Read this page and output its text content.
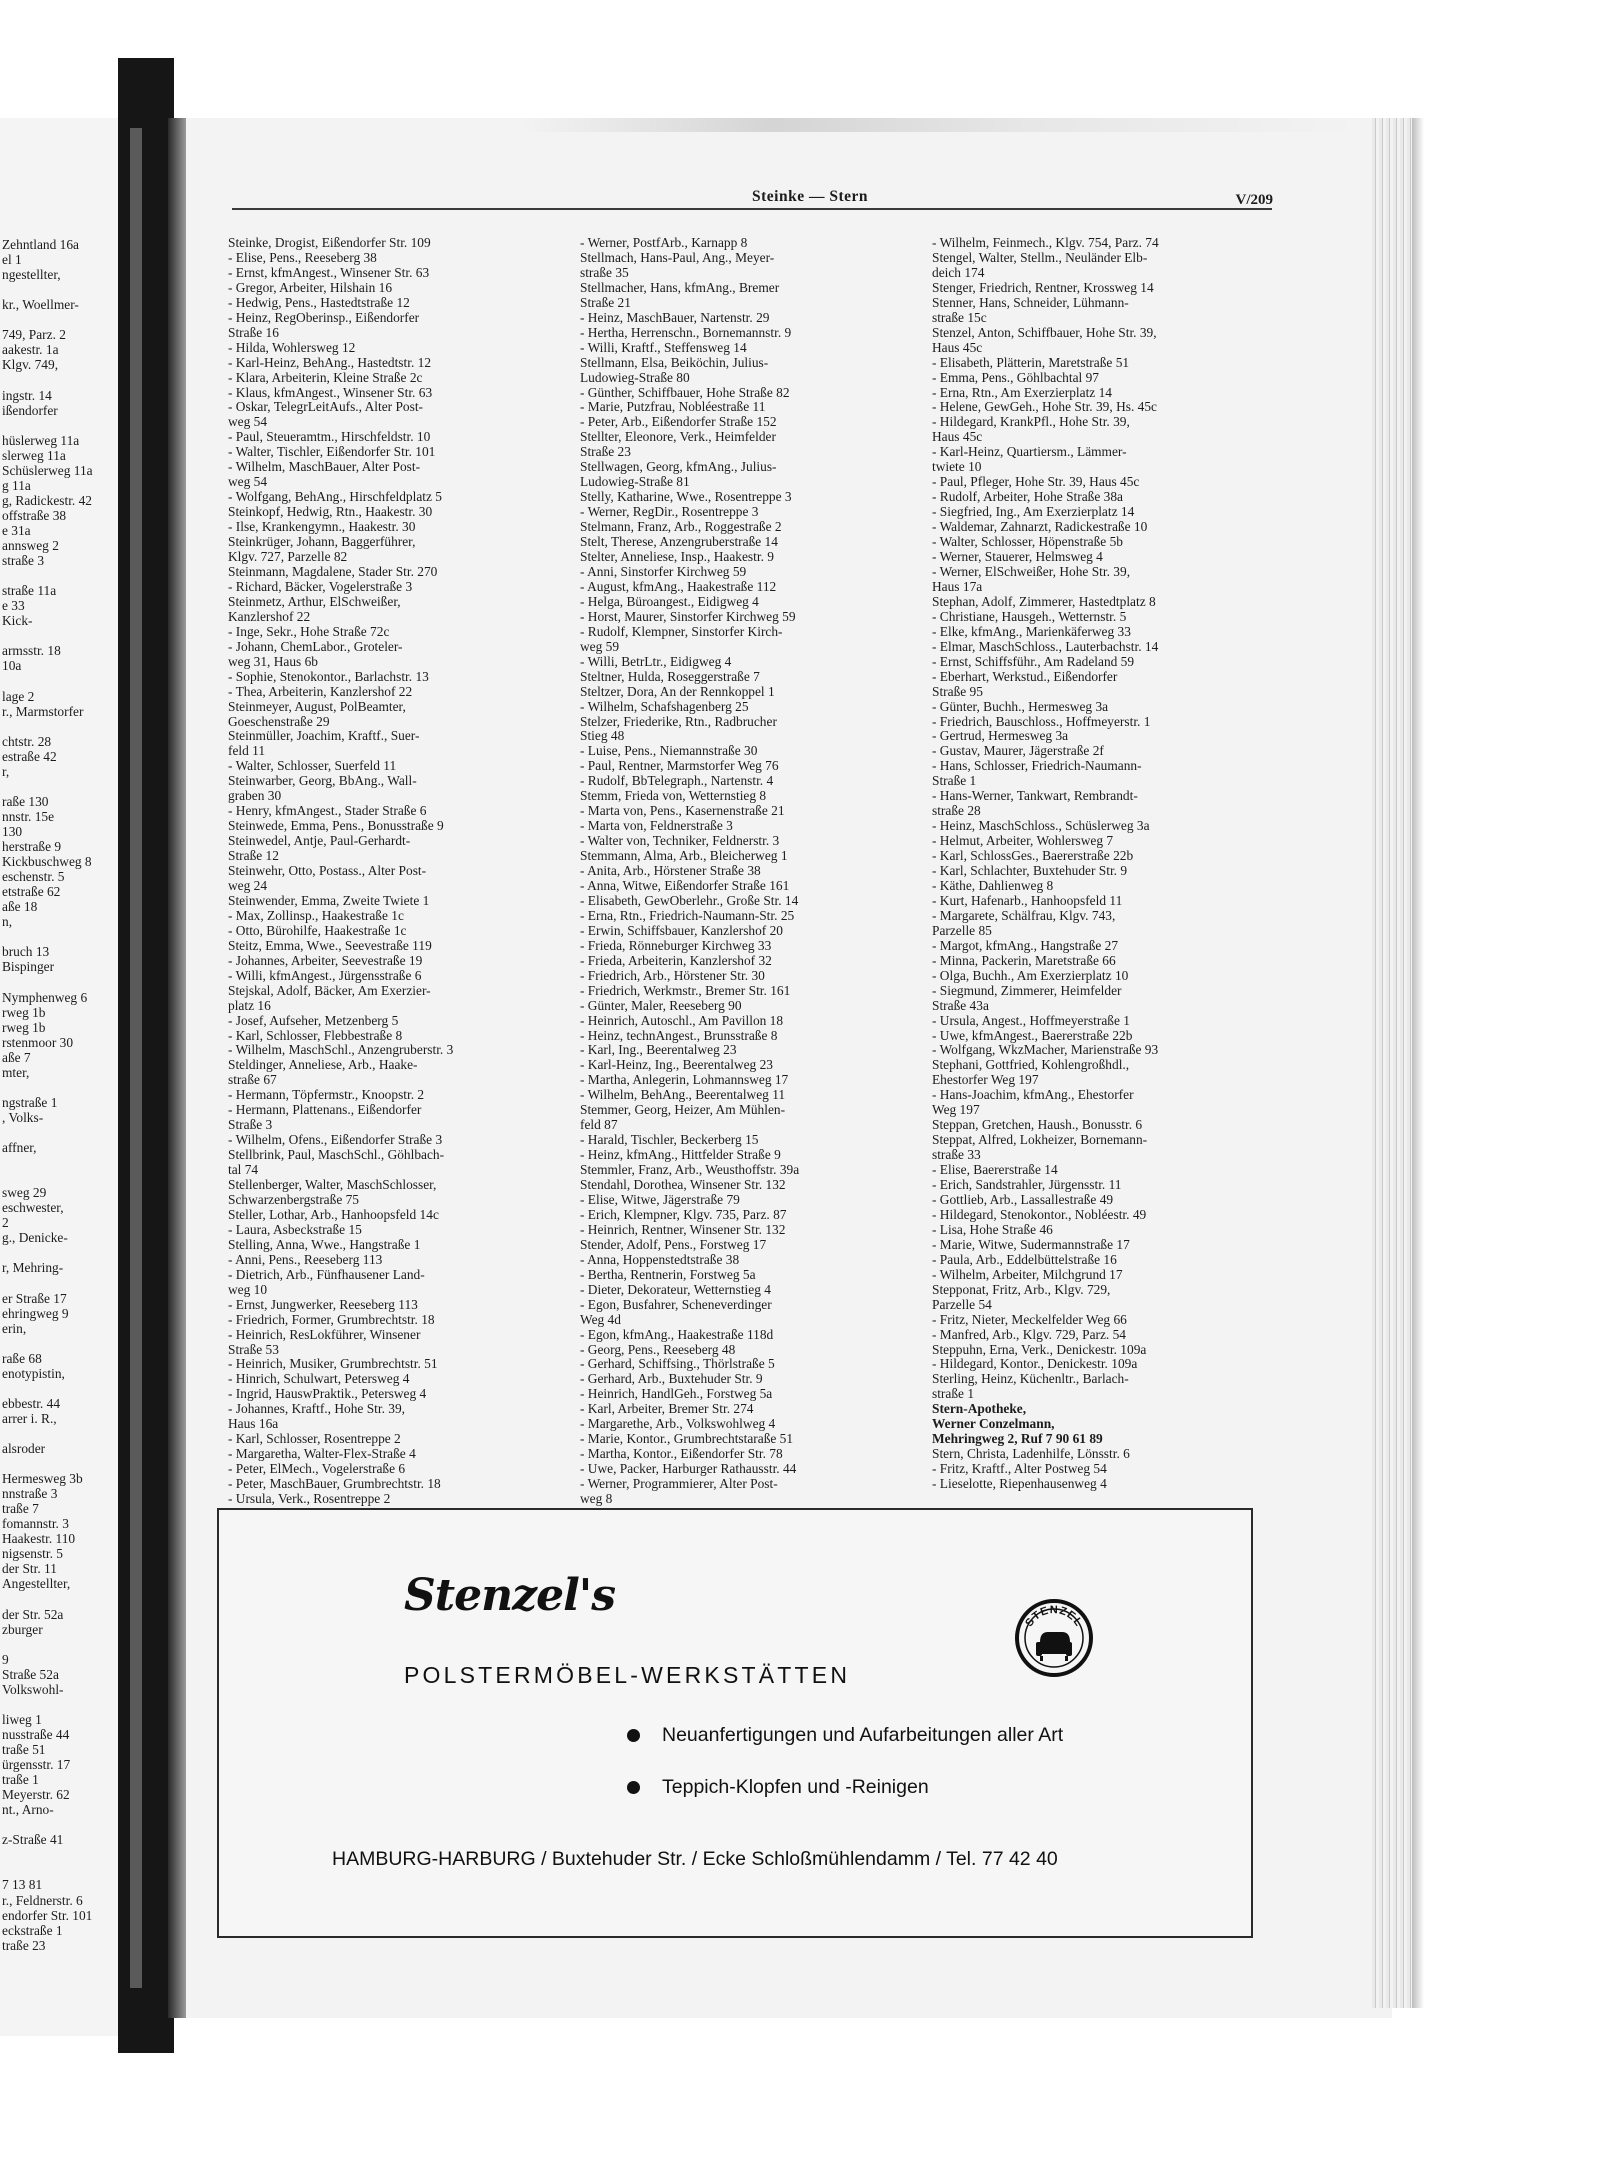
Zehntland 16a
el 1
ngestellter,
kr., Woellmer-
749, Parz. 2
aakestr. 1a
Klgv. 749,
ingstr. 14
ißendorfer
hüslerweg 11a
slerweg 11a
Schüslerweg 11a
g 11a
g, Radickestr. 42
offstraße 38
e 31a
annsweg 2
straße 3
straße 11a
e 33
Kick-
armsstr. 18
10a
lage 2
r., Marmstorfer
chtstr. 28
estraße 42
r,
raße 130
nnstr. 15e
130
herstraße 9
Kickbuschweg 8
eschenstr. 5
etstraße 62
aße 18
n,
bruch 13
Bispinger
Nymphenweg 6
rweg 1b
rweg 1b
rstenmoor 30
aße 7
mter,
ngstraße 1
, Volks-
affner,
sweg 29
eschwester,
2
g., Denicke-
r, Mehring-
er Straße 17
ehringweg 9
erin,
raße 68
enotypistin,
ebbestr. 44
arrer i. R.,
alsroder
Hermesweg 3b
nnstraße 3
traße 7
fomannstr. 3
Haakestr. 110
nigsenstr. 5
der Str. 11
Angestellter,
der Str. 52a
zburger
9
Straße 52a
Volkswohl-
liweg 1
nusstraße 44
traße 51
ürgensstr. 17
traße 1
Meyerstr. 62
nt., Arno-
z-Straße 41
7 13 81
r., Feldnerstr. 6
endorfer Str. 101
eckstraße 1
traße 23
Steinke — Stern	V/209
Steinke, Drogist, Eißendorfer Str. 109
- Elise, Pens., Reeseberg 38
- Ernst, kfmAngest., Winsener Str. 63
- Gregor, Arbeiter, Hilshain 16
- Hedwig, Pens., Hastedtstraße 12
- Heinz, RegOberinsp., Eißendorfer
Straße 16
- Hilda, Wohlersweg 12
- Karl-Heinz, BehAng., Hastedtstr. 12
- Klara, Arbeiterin, Kleine Straße 2c
- Klaus, kfmAngest., Winsener Str. 63
- Oskar, TelegrLeitAufs., Alter Post-
weg 54
- Paul, Steueramtm., Hirschfeldstr. 10
- Walter, Tischler, Eißendorfer Str. 101
- Wilhelm, MaschBauer, Alter Post-
weg 54
- Wolfgang, BehAng., Hirschfeldplatz 5
Steinkopf, Hedwig, Rtn., Haakestr. 30
- Ilse, Krankengymn., Haakestr. 30
Steinkrüger, Johann, Baggerführer,
Klgv. 727, Parzelle 82
Steinmann, Magdalene, Stader Str. 270
- Richard, Bäcker, Vogelerstraße 3
Steinmetz, Arthur, ElSchweißer,
Kanzlershof 22
- Inge, Sekr., Hohe Straße 72c
- Johann, ChemLabor., Groteler-
weg 31, Haus 6b
- Sophie, Stenokontor., Barlachstr. 13
- Thea, Arbeiterin, Kanzlershof 22
Steinmeyer, August, PolBeamter,
Goeschenstraße 29
Steinmüller, Joachim, Kraftf., Suer-
feld 11
- Walter, Schlosser, Suerfeld 11
Steinwarber, Georg, BbAng., Wall-
graben 30
- Henry, kfmAngest., Stader Straße 6
Steinwede, Emma, Pens., Bonusstraße 9
Steinwedel, Antje, Paul-Gerhardt-
Straße 12
Steinwehr, Otto, Postass., Alter Post-
weg 24
Steinwender, Emma, Zweite Twiete 1
- Max, Zollinsp., Haakestraße 1c
- Otto, Bürohilfe, Haakestraße 1c
Steitz, Emma, Wwe., Seevestraße 119
- Johannes, Arbeiter, Seevestraße 19
- Willi, kfmAngest., Jürgensstraße 6
Stejskal, Adolf, Bäcker, Am Exerzier-
platz 16
- Josef, Aufseher, Metzenberg 5
- Karl, Schlosser, Flebbestraße 8
- Wilhelm, MaschSchl., Anzengruberstr. 3
Steldinger, Anneliese, Arb., Haake-
straße 67
- Hermann, Töpfermstr., Knoopstr. 2
- Hermann, Plattenans., Eißendorfer
Straße 3
- Wilhelm, Ofens., Eißendorfer Straße 3
Stellbrink, Paul, MaschSchl., Göhlbach-
tal 74
Stellenberger, Walter, MaschSchlosser,
Schwarzenbergstraße 75
Steller, Lothar, Arb., Hanhoopsfeld 14c
- Laura, Asbeckstraße 15
Stelling, Anna, Wwe., Hangstraße 1
- Anni, Pens., Reeseberg 113
- Dietrich, Arb., Fünfhausener Land-
weg 10
- Ernst, Jungwerker, Reeseberg 113
- Friedrich, Former, Grumbrechtstr. 18
- Heinrich, ResLokführer, Winsener
Straße 53
- Heinrich, Musiker, Grumbrechtstr. 51
- Hinrich, Schulwart, Petersweg 4
- Ingrid, HauswPraktik., Petersweg 4
- Johannes, Kraftf., Hohe Str. 39,
Haus 16a
- Karl, Schlosser, Rosentreppe 2
- Margaretha, Walter-Flex-Straße 4
- Peter, ElMech., Vogelerstraße 6
- Peter, MaschBauer, Grumbrechtstr. 18
- Ursula, Verk., Rosentreppe 2
- Werner, PostfArb., Karnapp 8
Stellmach, Hans-Paul, Ang., Meyer-
straße 35
Stellmacher, Hans, kfmAng., Bremer
Straße 21
- Heinz, MaschBauer, Nartenstr. 29
- Hertha, Herrenschn., Bornemannstr. 9
- Willi, Kraftf., Steffensweg 14
Stellmann, Elsa, Beiköchin, Julius-
Ludowieg-Straße 80
- Günther, Schiffbauer, Hohe Straße 82
- Marie, Putzfrau, Nobléestraße 11
- Peter, Arb., Eißendorfer Straße 152
Stellter, Eleonore, Verk., Heimfelder
Straße 23
Stellwagen, Georg, kfmAng., Julius-
Ludowieg-Straße 81
Stelly, Katharine, Wwe., Rosentreppe 3
- Werner, RegDir., Rosentreppe 3
Stelmann, Franz, Arb., Roggestraße 2
Stelt, Therese, Anzengruberstraße 14
Stelter, Anneliese, Insp., Haakestr. 9
- Anni, Sinstorfer Kirchweg 59
- August, kfmAng., Haakestraße 112
- Helga, Büroangest., Eidigweg 4
- Horst, Maurer, Sinstorfer Kirchweg 59
- Rudolf, Klempner, Sinstorfer Kirch-
weg 59
- Willi, BetrLtr., Eidigweg 4
Steltner, Hulda, Roseggerstraße 7
Steltzer, Dora, An der Rennkoppel 1
- Wilhelm, Schafshagenberg 25
Stelzer, Friederike, Rtn., Radbrucher
Stieg 48
- Luise, Pens., Niemannstraße 30
- Paul, Rentner, Marmstorfer Weg 76
- Rudolf, BbTelegraph., Nartenstr. 4
Stemm, Frieda von, Wetternstieg 8
- Marta von, Pens., Kasernenstraße 21
- Marta von, Feldnerstraße 3
- Walter von, Techniker, Feldnerstr. 3
Stemmann, Alma, Arb., Bleicherweg 1
- Anita, Arb., Hörstener Straße 38
- Anna, Witwe, Eißendorfer Straße 161
- Elisabeth, GewOberlehr., Große Str. 14
- Erna, Rtn., Friedrich-Naumann-Str. 25
- Erwin, Schiffsbauer, Kanzlershof 20
- Frieda, Rönneburger Kirchweg 33
- Frieda, Arbeiterin, Kanzlershof 32
- Friedrich, Arb., Hörstener Str. 30
- Friedrich, Werkmstr., Bremer Str. 161
- Günter, Maler, Reeseberg 90
- Heinrich, Autoschl., Am Pavillon 18
- Heinz, technAngest., Brunsstraße 8
- Karl, Ing., Beerentalweg 23
- Karl-Heinz, Ing., Beerentalweg 23
- Martha, Anlegerin, Lohmannsweg 17
- Wilhelm, BehAng., Beerentalweg 11
Stemmer, Georg, Heizer, Am Mühlen-
feld 87
- Harald, Tischler, Beckerberg 15
- Heinz, kfmAng., Hittfelder Straße 9
Stemmler, Franz, Arb., Weusthoffstr. 39a
Stendahl, Dorothea, Winsener Str. 132
- Elise, Witwe, Jägerstraße 79
- Erich, Klempner, Klgv. 735, Parz. 87
- Heinrich, Rentner, Winsener Str. 132
Stender, Adolf, Pens., Forstweg 17
- Anna, Hoppenstedtstraße 38
- Bertha, Rentnerin, Forstweg 5a
- Dieter, Dekorateur, Wetternstieg 4
- Egon, Busfahrer, Scheneverdinger
Weg 4d
- Egon, kfmAng., Haakestraße 118d
- Georg, Pens., Reeseberg 48
- Gerhard, Schiffsing., Thörlstraße 5
- Gerhard, Arb., Buxtehuder Str. 9
- Heinrich, HandlGeh., Forstweg 5a
- Karl, Arbeiter, Bremer Str. 274
- Margarethe, Arb., Volkswohlweg 4
- Marie, Kontor., Grumbrechtstaraße 51
- Martha, Kontor., Eißendorfer Str. 78
- Uwe, Packer, Harburger Rathausstr. 44
- Werner, Programmierer, Alter Post-
weg 8
- Wilhelm, Feinmech., Klgv. 754, Parz. 74
Stengel, Walter, Stellm., Neuländer Elb-
deich 174
Stenger, Friedrich, Rentner, Krossweg 14
Stenner, Hans, Schneider, Lühmann-
straße 15c
Stenzel, Anton, Schiffbauer, Hohe Str. 39,
Haus 45c
- Elisabeth, Plätterin, Maretstraße 51
- Emma, Pens., Göhlbachtal 97
- Erna, Rtn., Am Exerzierplatz 14
- Helene, GewGeh., Hohe Str. 39, Hs. 45c
- Hildegard, KrankPfl., Hohe Str. 39,
Haus 45c
- Karl-Heinz, Quartiersm., Lämmer-
twiete 10
- Paul, Pfleger, Hohe Str. 39, Haus 45c
- Rudolf, Arbeiter, Hohe Straße 38a
- Siegfried, Ing., Am Exerzierplatz 14
- Waldemar, Zahnarzt, Radickestraße 10
- Walter, Schlosser, Höpenstraße 5b
- Werner, Stauerer, Helmsweg 4
- Werner, ElSchweißer, Hohe Str. 39,
Haus 17a
Stephan, Adolf, Zimmerer, Hastedtplatz 8
- Christiane, Hausgeh., Wetternstr. 5
- Elke, kfmAng., Marienkäferweg 33
- Elmar, MaschSchloss., Lauterbachstr. 14
- Ernst, Schiffsführ., Am Radeland 59
- Eberhart, Werkstud., Eißendorfer
Straße 95
- Günter, Buchh., Hermesweg 3a
- Friedrich, Bauschloss., Hoffmeyerstr. 1
- Gertrud, Hermesweg 3a
- Gustav, Maurer, Jägerstraße 2f
- Hans, Schlosser, Friedrich-Naumann-
Straße 1
- Hans-Werner, Tankwart, Rembrandt-
straße 28
- Heinz, MaschSchloss., Schüslerweg 3a
- Helmut, Arbeiter, Wohlersweg 7
- Karl, SchlossGes., Baererstraße 22b
- Karl, Schlachter, Buxtehuder Str. 9
- Käthe, Dahlienweg 8
- Kurt, Hafenarb., Hanhoopsfeld 11
- Margarete, Schälfrau, Klgv. 743,
Parzelle 85
- Margot, kfmAng., Hangstraße 27
- Minna, Packerin, Maretstraße 66
- Olga, Buchh., Am Exerzierplatz 10
- Siegmund, Zimmerer, Heimfelder
Straße 43a
- Ursula, Angest., Hoffmeyerstraße 1
- Uwe, kfmAngest., Baererstraße 22b
- Wolfgang, WkzMacher, Marienstraße 93
Stephani, Gottfried, Kohlengroßhdl.,
Ehestorfer Weg 197
- Hans-Joachim, kfmAng., Ehestorfer
Weg 197
Steppan, Gretchen, Haush., Bonusstr. 6
Steppat, Alfred, Lokheizer, Bornemann-
straße 33
- Elise, Baererstraße 14
- Erich, Sandstrahler, Jürgensstr. 11
- Gottlieb, Arb., Lassallestraße 49
- Hildegard, Stenokontor., Nobléestr. 49
- Lisa, Hohe Straße 46
- Marie, Witwe, Sudermannstraße 17
- Paula, Arb., Eddelbüttelstraße 16
- Wilhelm, Arbeiter, Milchgrund 17
Stepponat, Fritz, Arb., Klgv. 729,
Parzelle 54
- Fritz, Nieter, Meckelfelder Weg 66
- Manfred, Arb., Klgv. 729, Parz. 54
Steppuhn, Erna, Verk., Denickestr. 109a
- Hildegard, Kontor., Denickestr. 109a
Sterling, Heinz, Küchenltr., Barlach-
straße 1
Stern-Apotheke,
Werner Conzelmann,
Mehringweg 2, Ruf 7 90 61 89
Stern, Christa, Ladenhilfe, Lönsstr. 6
- Fritz, Kraftf., Alter Postweg 54
- Lieselotte, Riepenhausenweg 4
Stenzel's
POLSTERMÖBEL-WERKSTÄTTEN
STENZEL
Neuanfertigungen und Aufarbeitungen aller Art
Teppich-Klopfen und -Reinigen
HAMBURG-HARBURG / Buxtehuder Str. / Ecke Schloßmühlendamm / Tel. 77 42 40
